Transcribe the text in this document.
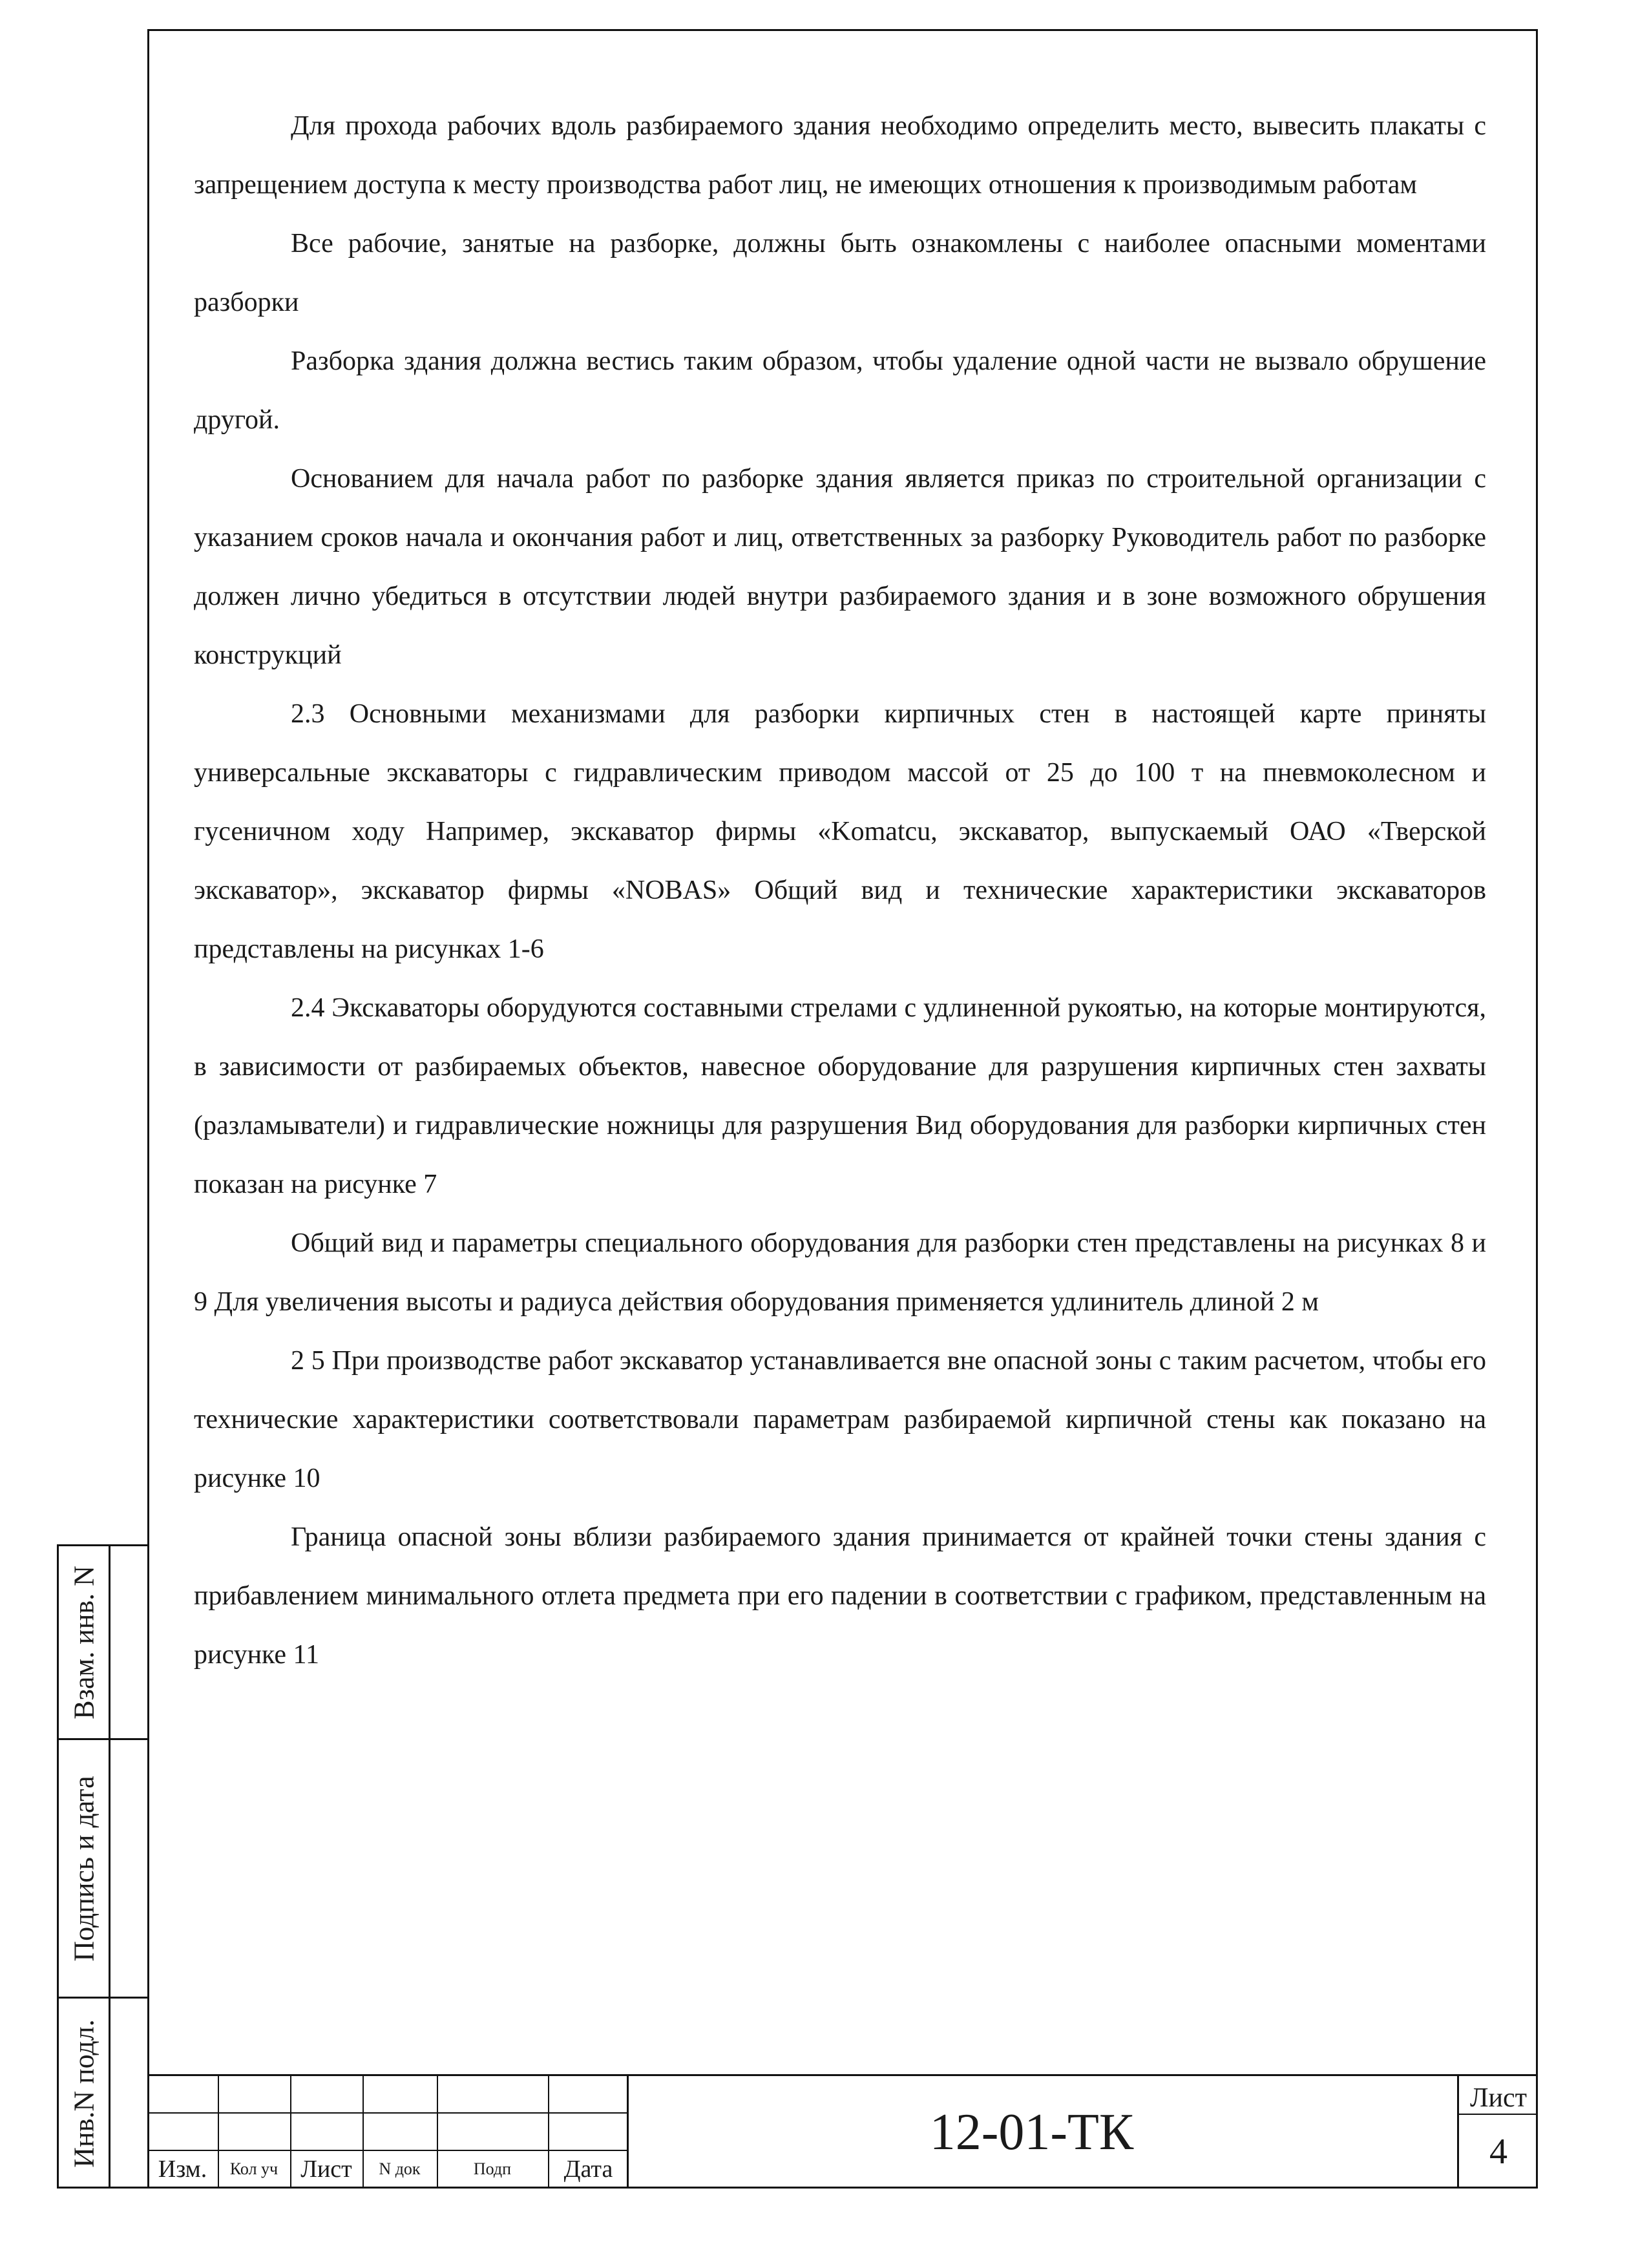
Для прохода рабочих вдоль разбираемого здания необходимо определить место, вывесить плакаты с запрещением доступа к месту производства работ лиц, не имеющих отношения к производимым работам

Все рабочие, занятые на разборке, должны быть ознакомлены с наиболее опасными моментами разборки

Разборка здания должна вестись таким образом, чтобы удаление одной части не вызвало обрушение другой.

Основанием для начала работ по разборке здания является приказ по строительной организации с указанием сроков начала и окончания работ и лиц, ответственных за разборку Руководитель работ по разборке должен лично убедиться в отсутствии людей внутри разбираемого здания и в зоне возможного обрушения конструкций

2.3 Основными механизмами для разборки кирпичных стен в настоящей карте приняты универсальные экскаваторы с гидравлическим приводом массой от 25 до 100 т на пневмоколесном и гусеничном ходу Например, экскаватор фирмы «Komatcu, экскаватор, выпускаемый ОАО «Тверской экскаватор», экскаватор фирмы «NOBAS» Общий вид и технические характеристики экскаваторов представлены на рисунках 1-6

2.4 Экскаваторы оборудуются составными стрелами с удлиненной рукоятью, на которые монтируются, в зависимости от разбираемых объектов, навесное оборудование для разрушения кирпичных стен захваты (разламыватели) и гидравлические ножницы для разрушения Вид оборудования для разборки кирпичных стен показан на рисунке 7

Общий вид и параметры специального оборудования для разборки стен представлены на рисунках 8 и 9 Для увеличения высоты и радиуса действия оборудования применяется удлинитель длиной 2 м

2 5 При производстве работ экскаватор устанавливается вне опасной зоны с таким расчетом, чтобы его технические характеристики соответствовали параметрам разбираемой кирпичной стены как показано на рисунке 10

Граница опасной зоны вблизи разбираемого здания принимается от крайней точки стены здания с прибавлением минимального отлета предмета при его падении в соответствии с графиком, представленным на рисунке 11

Взам. инв. N
Подпись и дата
Инв.N подл.
Изм.	Кол уч Лист	N док	Подп	Дата
12-01-ТК
Лист
4
